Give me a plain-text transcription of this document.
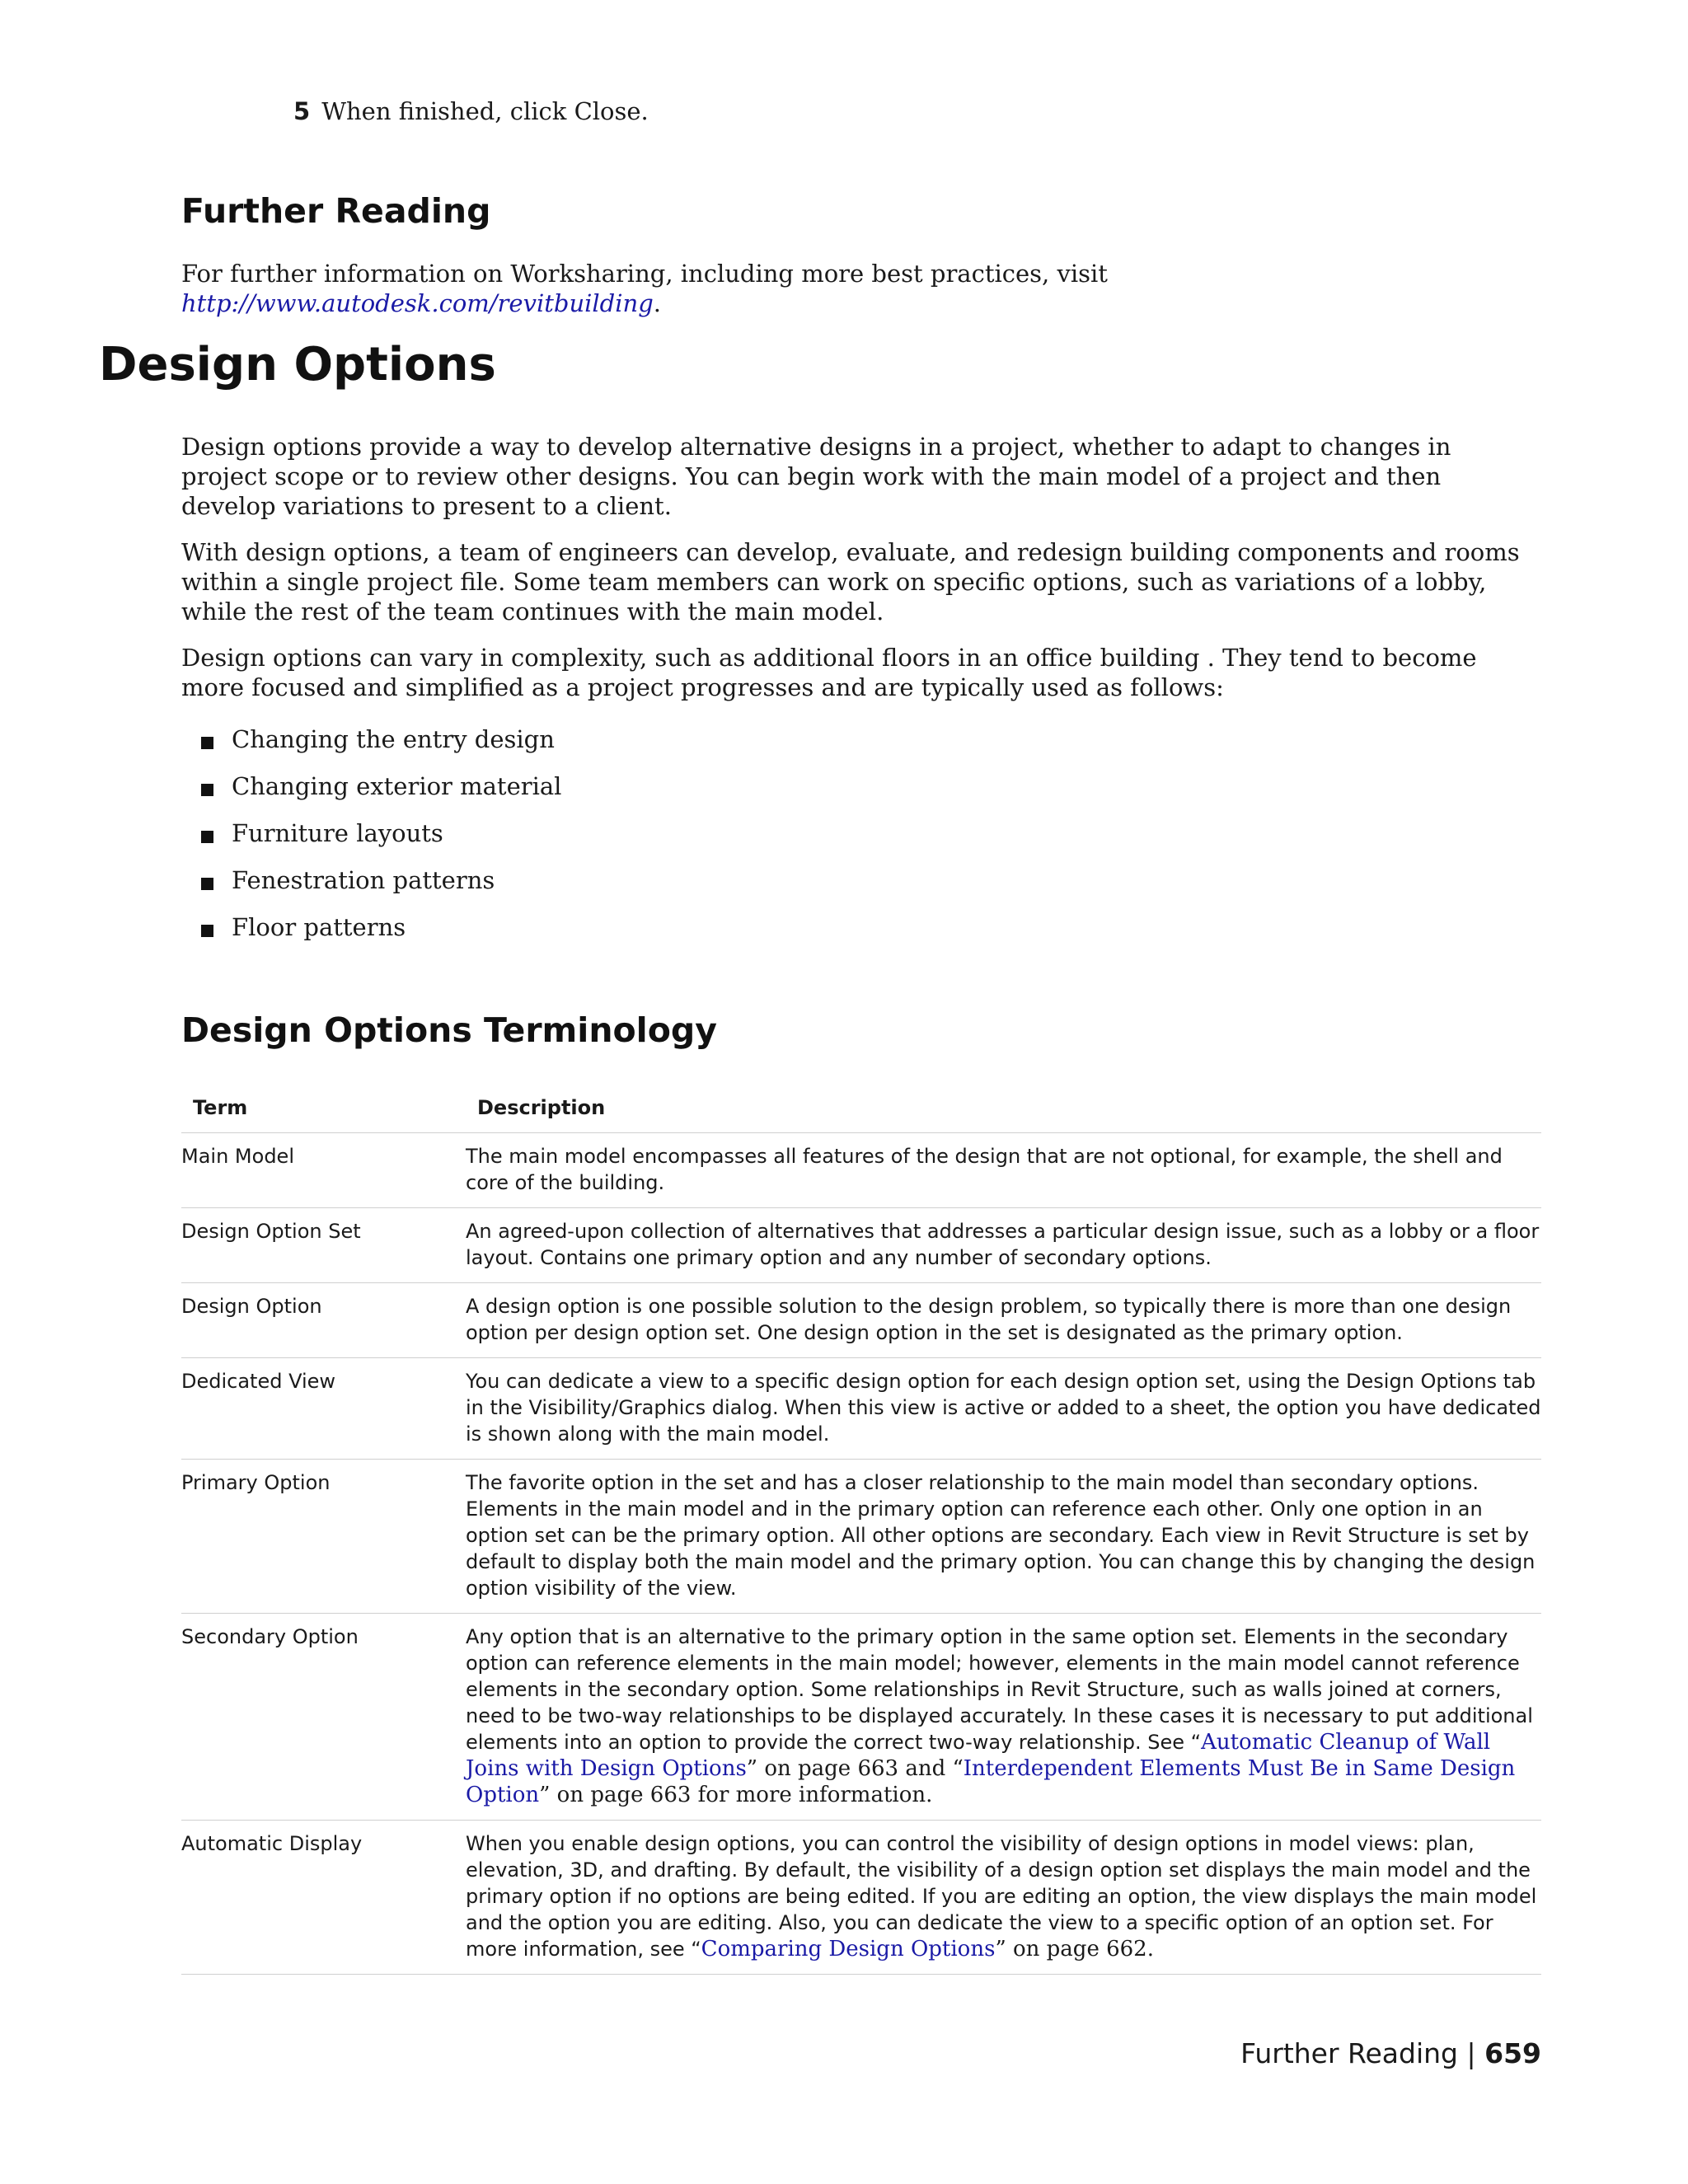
5 When finished, click Close.
Further Reading
For further information on Worksharing, including more best practices, visit http://www.autodesk.com/revitbuilding.
Design Options
Design options provide a way to develop alternative designs in a project, whether to adapt to changes in project scope or to review other designs. You can begin work with the main model of a project and then develop variations to present to a client.
With design options, a team of engineers can develop, evaluate, and redesign building components and rooms within a single project file. Some team members can work on specific options, such as variations of a lobby, while the rest of the team continues with the main model.
Design options can vary in complexity, such as additional floors in an office building . They tend to become more focused and simplified as a project progresses and are typically used as follows:
Changing the entry design
Changing exterior material
Furniture layouts
Fenestration patterns
Floor patterns
Design Options Terminology
Term	Description
Main Model	The main model encompasses all features of the design that are not optional, for example, the shell and core of the building.
Design Option Set	An agreed-upon collection of alternatives that addresses a particular design issue, such as a lobby or a floor layout. Contains one primary option and any number of secondary options.
Design Option	A design option is one possible solution to the design problem, so typically there is more than one design option per design option set. One design option in the set is designated as the primary option.
Dedicated View	You can dedicate a view to a specific design option for each design option set, using the Design Options tab in the Visibility/Graphics dialog. When this view is active or added to a sheet, the option you have dedicated is shown along with the main model.
Primary Option	The favorite option in the set and has a closer relationship to the main model than secondary options. Elements in the main model and in the primary option can reference each other. Only one option in an option set can be the primary option. All other options are secondary. Each view in Revit Structure is set by default to display both the main model and the primary option. You can change this by changing the design option visibility of the view.
Secondary Option	Any option that is an alternative to the primary option in the same option set. Elements in the secondary option can reference elements in the main model; however, elements in the main model cannot reference elements in the secondary option. Some relationships in Revit Structure, such as walls joined at corners, need to be two-way relationships to be displayed accurately. In these cases it is necessary to put additional elements into an option to provide the correct two-way relationship. See “Automatic Cleanup of Wall Joins with Design Options” on page 663 and “Interdependent Elements Must Be in Same Design Option” on page 663 for more information.
Automatic Display	When you enable design options, you can control the visibility of design options in model views: plan, elevation, 3D, and drafting. By default, the visibility of a design option set displays the main model and the primary option if no options are being edited. If you are editing an option, the view displays the main model and the option you are editing. Also, you can dedicate the view to a specific option of an option set. For more information, see “Comparing Design Options” on page 662.
Further Reading | 659
